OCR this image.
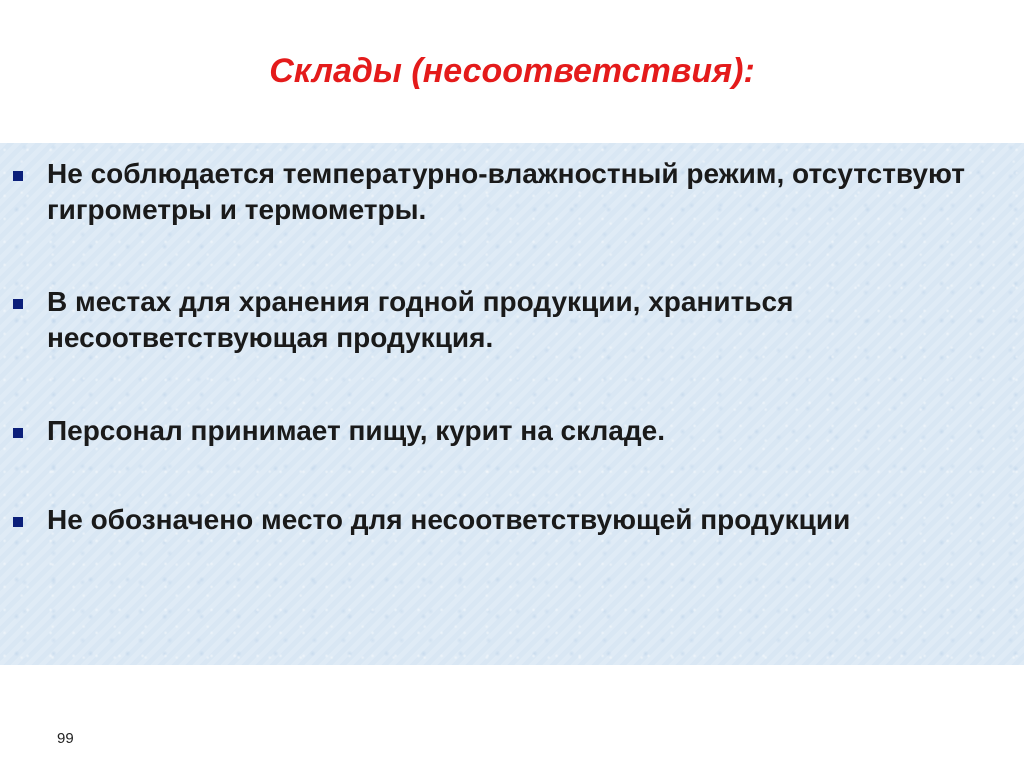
Склады (несоответствия):
Не соблюдается температурно-влажностный режим, отсутствуют гигрометры и термометры.
В местах для хранения годной продукции, храниться несоответствующая продукция.
Персонал принимает пищу, курит на складе.
Не обозначено место для несоответствующей продукции
99
